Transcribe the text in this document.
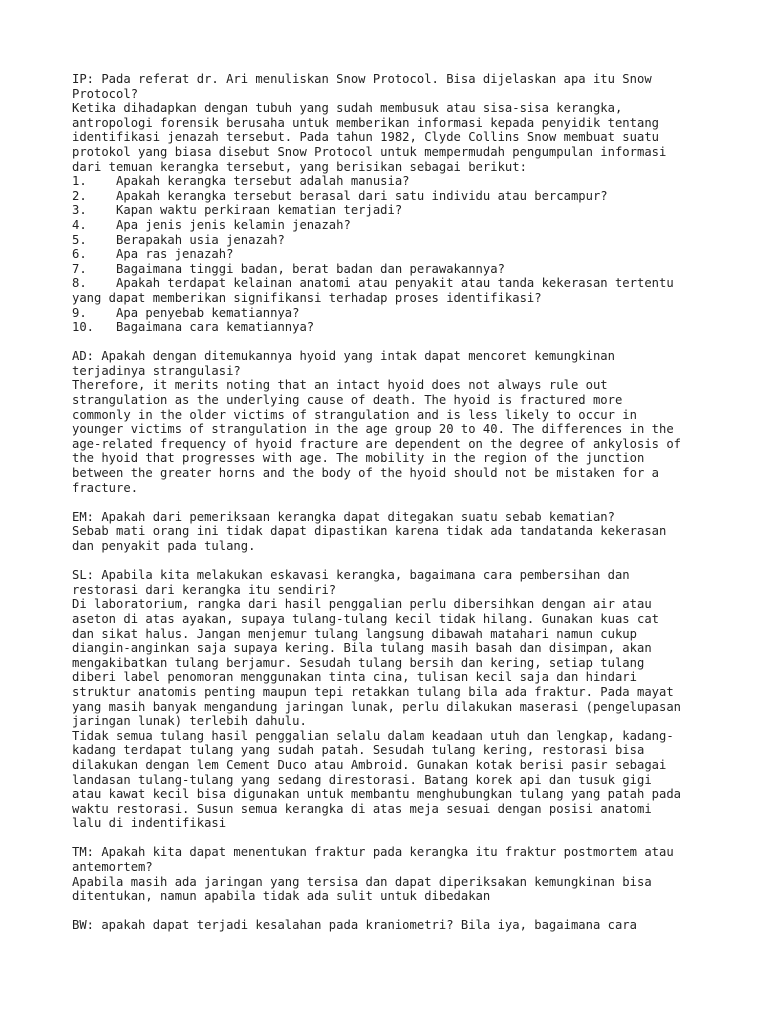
IP: Pada referat dr. Ari menuliskan Snow Protocol. Bisa dijelaskan apa itu Snow
Protocol?
Ketika dihadapkan dengan tubuh yang sudah membusuk atau sisa-sisa kerangka,
antropologi forensik berusaha untuk memberikan informasi kepada penyidik tentang
identifikasi jenazah tersebut. Pada tahun 1982, Clyde Collins Snow membuat suatu
protokol yang biasa disebut Snow Protocol untuk mempermudah pengumpulan informasi
dari temuan kerangka tersebut, yang berisikan sebagai berikut:
1.    Apakah kerangka tersebut adalah manusia?
2.    Apakah kerangka tersebut berasal dari satu individu atau bercampur?
3.    Kapan waktu perkiraan kematian terjadi?
4.    Apa jenis jenis kelamin jenazah?
5.    Berapakah usia jenazah?
6.    Apa ras jenazah?
7.    Bagaimana tinggi badan, berat badan dan perawakannya?
8.    Apakah terdapat kelainan anatomi atau penyakit atau tanda kekerasan tertentu
yang dapat memberikan signifikansi terhadap proses identifikasi?
9.    Apa penyebab kematiannya?
10.   Bagaimana cara kematiannya?
AD: Apakah dengan ditemukannya hyoid yang intak dapat mencoret kemungkinan
terjadinya strangulasi?
Therefore, it merits noting that an intact hyoid does not always rule out
strangulation as the underlying cause of death. The hyoid is fractured more
commonly in the older victims of strangulation and is less likely to occur in
younger victims of strangulation in the age group 20 to 40. The differences in the
age-related frequency of hyoid fracture are dependent on the degree of ankylosis of
the hyoid that progresses with age. The mobility in the region of the junction
between the greater horns and the body of the hyoid should not be mistaken for a
fracture.
EM: Apakah dari pemeriksaan kerangka dapat ditegakan suatu sebab kematian?
Sebab mati orang ini tidak dapat dipastikan karena tidak ada tandatanda kekerasan
dan penyakit pada tulang.
SL: Apabila kita melakukan eskavasi kerangka, bagaimana cara pembersihan dan
restorasi dari kerangka itu sendiri?
Di laboratorium, rangka dari hasil penggalian perlu dibersihkan dengan air atau
aseton di atas ayakan, supaya tulang-tulang kecil tidak hilang. Gunakan kuas cat
dan sikat halus. Jangan menjemur tulang langsung dibawah matahari namun cukup
diangin-anginkan saja supaya kering. Bila tulang masih basah dan disimpan, akan
mengakibatkan tulang berjamur. Sesudah tulang bersih dan kering, setiap tulang
diberi label penomoran menggunakan tinta cina, tulisan kecil saja dan hindari
struktur anatomis penting maupun tepi retakkan tulang bila ada fraktur. Pada mayat
yang masih banyak mengandung jaringan lunak, perlu dilakukan maserasi (pengelupasan
jaringan lunak) terlebih dahulu.
Tidak semua tulang hasil penggalian selalu dalam keadaan utuh dan lengkap, kadang-
kadang terdapat tulang yang sudah patah. Sesudah tulang kering, restorasi bisa
dilakukan dengan lem Cement Duco atau Ambroid. Gunakan kotak berisi pasir sebagai
landasan tulang-tulang yang sedang direstorasi. Batang korek api dan tusuk gigi
atau kawat kecil bisa digunakan untuk membantu menghubungkan tulang yang patah pada
waktu restorasi. Susun semua kerangka di atas meja sesuai dengan posisi anatomi
lalu di indentifikasi
TM: Apakah kita dapat menentukan fraktur pada kerangka itu fraktur postmortem atau
antemortem?
Apabila masih ada jaringan yang tersisa dan dapat diperiksakan kemungkinan bisa
ditentukan, namun apabila tidak ada sulit untuk dibedakan
BW: apakah dapat terjadi kesalahan pada kraniometri? Bila iya, bagaimana cara
